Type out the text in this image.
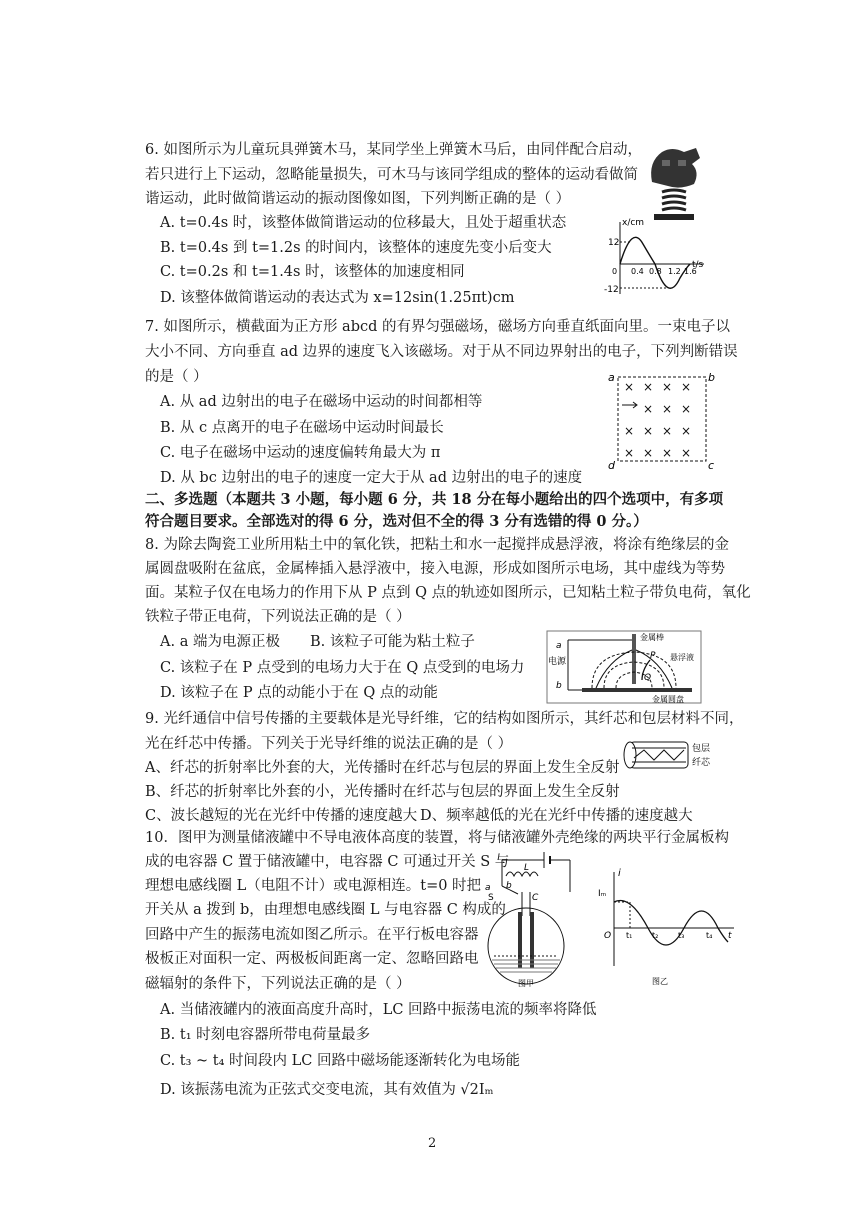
6. 如图所示为儿童玩具弹簧木马，某同学坐上弹簧木马后，由同伴配合启动，
若只进行上下运动，忽略能量损失，可木马与该同学组成的整体的运动看做简
谐运动，此时做简谐运动的振动图像如图，下列判断正确的是（ ）
A. t=0.4s 时，该整体做简谐运动的位移最大，且处于超重状态
B. t=0.4s 到 t=1.2s 的时间内，该整体的速度先变小后变大
C. t=0.2s 和 t=1.4s 时，该整体的加速度相同
D. 该整体做简谐运动的表达式为 x=12sin(1.25πt)cm
x/cm
t/s
12
-12
0 0.4 0.8 1.2 1.6
7. 如图所示，横截面为正方形 abcd 的有界匀强磁场，磁场方向垂直纸面向里。一束电子以
大小不同、方向垂直 ad 边界的速度飞入该磁场。对于从不同边界射出的电子，下列判断错误
的是（ ）
A. 从 ad 边射出的电子在磁场中运动的时间都相等
B. 从 c 点离开的电子在磁场中运动时间最长
C. 电子在磁场中运动的速度偏转角最大为 π
D. 从 bc 边射出的电子的速度一定大于从 ad 边射出的电子的速度
× × × ×
× × ×
× × × ×
× × × ×
a	b
c
d
二、多选题（本题共 3 小题，每小题 6 分，共 18 分在每小题给出的四个选项中，有多项
符合题目要求。全部选对的得 6 分，选对但不全的得 3 分有选错的得 0 分。）
8. 为除去陶瓷工业所用粘土中的氧化铁，把粘土和水一起搅拌成悬浮液，将涂有绝缘层的金
属圆盘吸附在盆底，金属棒插入悬浮液中，接入电源，形成如图所示电场，其中虚线为等势
面。某粒子仅在电场力的作用下从 P 点到 Q 点的轨迹如图所示，已知粘土粒子带负电荷，氧化
铁粒子带正电荷，下列说法正确的是（ ）
A. a 端为电源正极 B. 该粒子可能为粘土粒子
C. 该粒子在 P 点受到的电场力大于在 Q 点受到的电场力
D. 该粒子在 P 点的动能小于在 Q 点的动能
a
电源
b
金属棒
悬浮液
金属圆盘
P
Q
9. 光纤通信中信号传播的主要载体是光导纤维，它的结构如图所示，其纤芯和包层材料不同，
光在纤芯中传播。下列关于光导纤维的说法正确的是（ ）
A、纤芯的折射率比外套的大，光传播时在纤芯与包层的界面上发生全反射
B、纤芯的折射率比外套的小，光传播时在纤芯与包层的界面上发生全反射
C、波长越短的光在光纤中传播的速度越大 D、频率越低的光在光纤中传播的速度越大
包层
纤芯
10．图甲为测量储液罐中不导电液体高度的装置，将与储液罐外壳绝缘的两块平行金属板构
成的电容器 C 置于储液罐中，电容器 C 可通过开关 S 与
理想电感线圈 L（电阻不计）或电源相连。t=0 时把
开关从 a 拨到 b，由理想电感线圈 L 与电容器 C 构成的
回路中产生的振荡电流如图乙所示。在平行板电容器
极板正对面积一定、两极板间距离一定、忽略回路电
磁辐射的条件下，下列说法正确的是（ ）
A. 当储液罐内的液面高度升高时，LC 回路中振荡电流的频率将降低
B. t₁ 时刻电容器所带电荷量最多
C. t₃ ~ t₄ 时间段内 LC 回路中磁场能逐渐转化为电场能
D. 该振荡电流为正弦式交变电流，其有效值为 √2Iₘ
a b
L
S	C
图甲
i
Iₘ
O	t
t₁ t₂ t₃	t₄
图乙
2
